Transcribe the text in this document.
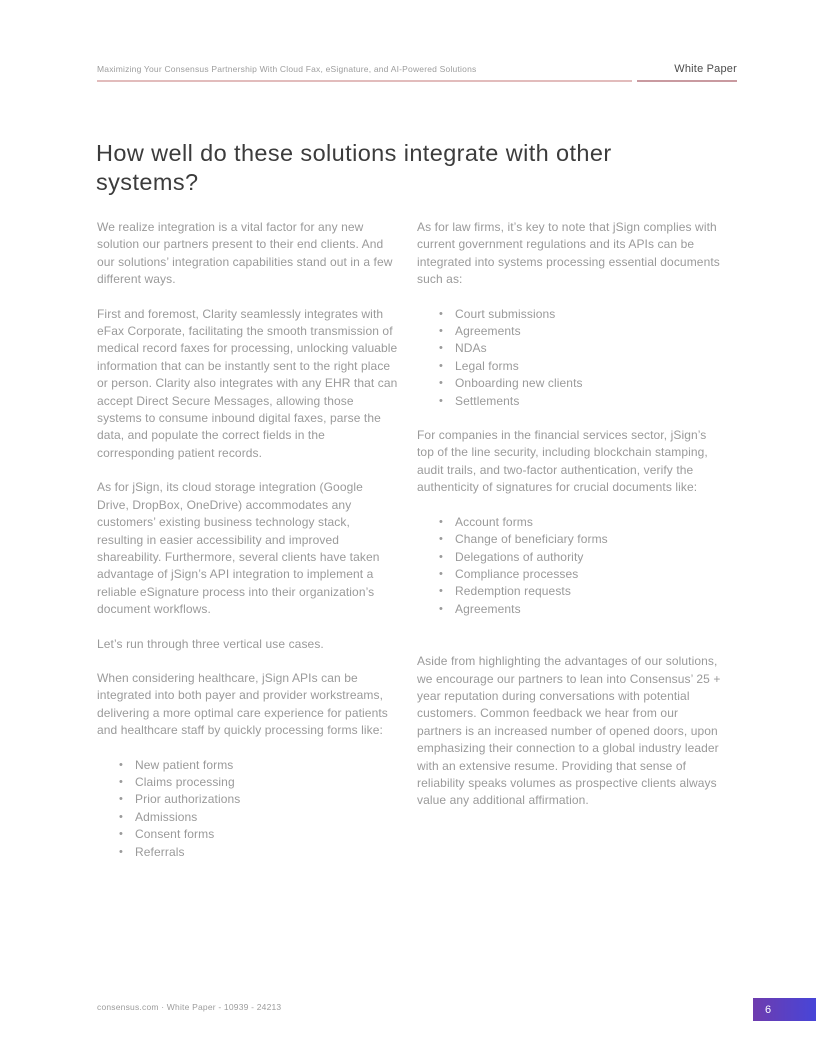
Maximizing Your Consensus Partnership With Cloud Fax, eSignature, and AI-Powered Solutions	White Paper
How well do these solutions integrate with other systems?

We realize integration is a vital factor for any new solution our partners present to their end clients. And our solutions’ integration capabilities stand out in a few different ways.

First and foremost, Clarity seamlessly integrates with eFax Corporate, facilitating the smooth transmission of medical record faxes for processing, unlocking valuable information that can be instantly sent to the right place or person. Clarity also integrates with any EHR that can accept Direct Secure Messages, allowing those systems to consume inbound digital faxes, parse the data, and populate the correct fields in the corresponding patient records.

As for jSign, its cloud storage integration (Google Drive, DropBox, OneDrive) accommodates any customers’ existing business technology stack, resulting in easier accessibility and improved shareability. Furthermore, several clients have taken advantage of jSign’s API integration to implement a reliable eSignature process into their organization’s document workflows.

Let’s run through three vertical use cases.

When considering healthcare, jSign APIs can be integrated into both payer and provider workstreams, delivering a more optimal care experience for patients and healthcare staff by quickly processing forms like:

• New patient forms
• Claims processing
• Prior authorizations
• Admissions
• Consent forms
• Referrals

As for law firms, it’s key to note that jSign complies with current government regulations and its APIs can be integrated into systems processing essential documents such as:

• Court submissions
• Agreements
• NDAs
• Legal forms
• Onboarding new clients
• Settlements

For companies in the financial services sector, jSign’s top of the line security, including blockchain stamping, audit trails, and two-factor authentication, verify the authenticity of signatures for crucial documents like:

• Account forms
• Change of beneficiary forms
• Delegations of authority
• Compliance processes
• Redemption requests
• Agreements

Aside from highlighting the advantages of our solutions, we encourage our partners to lean into Consensus’ 25 + year reputation during conversations with potential customers. Common feedback we hear from our partners is an increased number of opened doors, upon emphasizing their connection to a global industry leader with an extensive resume. Providing that sense of reliability speaks volumes as prospective clients always value any additional affirmation.

consensus.com · White Paper - 10939 - 24213	6
